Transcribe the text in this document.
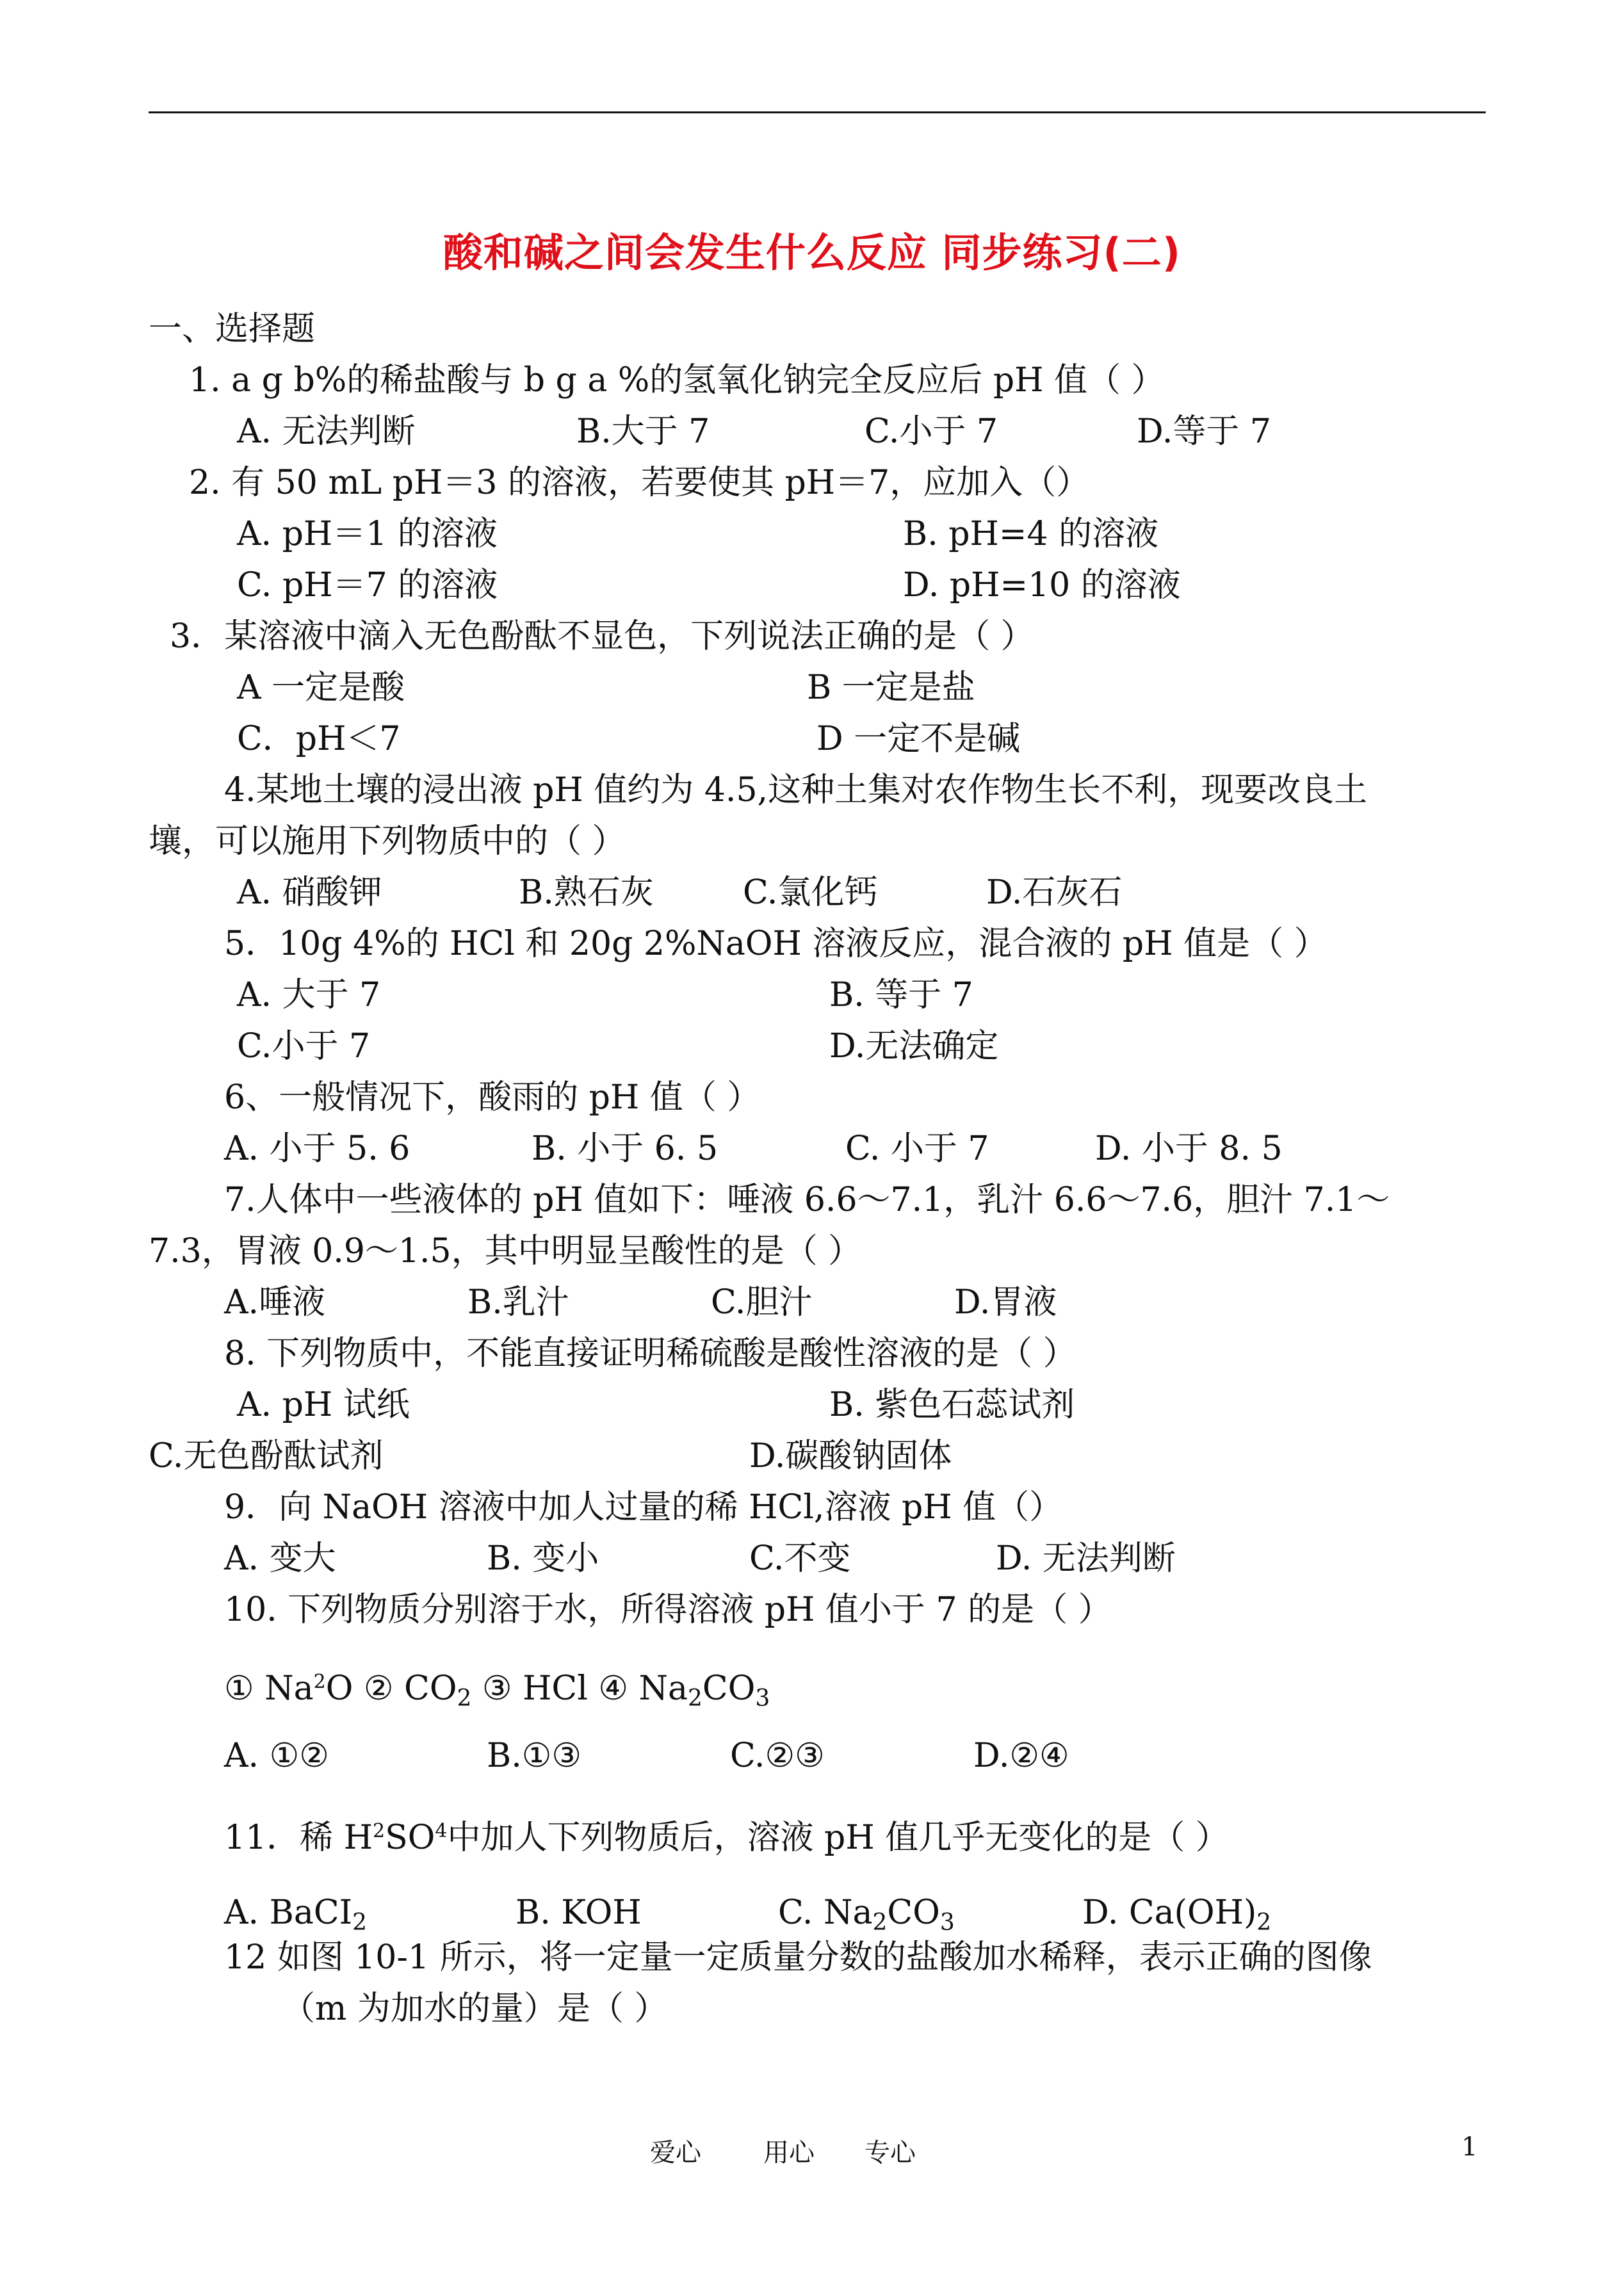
酸和碱之间会发生什么反应 同步练习(二)
一、选择题
1. a g b%的稀盐酸与 b g a %的氢氧化钠完全反应后 pH 值（ ）
A. 无法判断	B.大于 7	C.小于 7	D.等于 7
2. 有 50 mL pH＝3 的溶液，若要使其 pH＝7，应加入（）
A. pH＝1 的溶液	B. pH=4 的溶液
C. pH＝7 的溶液	D. pH=10 的溶液
3．某溶液中滴入无色酚酞不显色，下列说法正确的是（ ）
A 一定是酸	B 一定是盐
C．pH＜7	D 一定不是碱
4.某地土壤的浸出液 pH 值约为 4.5,这种土集对农作物生长不利，现要改良土
壤，可以施用下列物质中的（ ）
A. 硝酸钾	B.熟石灰	C.氯化钙	D.石灰石
5．10g 4%的 HCl 和 20g 2%NaOH 溶液反应，混合液的 pH 值是（ ）
A. 大于 7	B. 等于 7
C.小于 7	D.无法确定
6、一般情况下，酸雨的 pH 值（ ）
A. 小于 5. 6	B. 小于 6. 5	C. 小于 7	D. 小于 8. 5
7.人体中一些液体的 pH 值如下：唾液 6.6～7.1，乳汁 6.6～7.6，胆汁 7.1～
7.3，胃液 0.9～1.5，其中明显呈酸性的是（ ）
A.唾液	B.乳汁	C.胆汁	D.胃液
8. 下列物质中，不能直接证明稀硫酸是酸性溶液的是（ ）
A. pH 试纸	B. 紫色石蕊试剂
C.无色酚酞试剂	D.碳酸钠固体
9．向 NaOH 溶液中加人过量的稀 HCl,溶液 pH 值（）
A. 变大	B. 变小	C.不变	D. 无法判断
10. 下列物质分别溶于水，所得溶液 pH 值小于 7 的是（ ）
① Na$^2$O ② $CO_2$ ③ HCl ④ $Na_2CO_3$
A. ①②	B.①③	C.②③	D.②④
11．稀 $H^2SO^4$中加人下列物质后，溶液 pH 值几乎无变化的是（ ）
A. BaCI$_2$	B. KOH	C. $Na_2CO_3$	D. $Ca(OH)_2$
12 如图 10-1 所示，将一定量一定质量分数的盐酸加水稀释，表示正确的图像
（m 为加水的量）是（ ）
爱心 用心 专心	1
